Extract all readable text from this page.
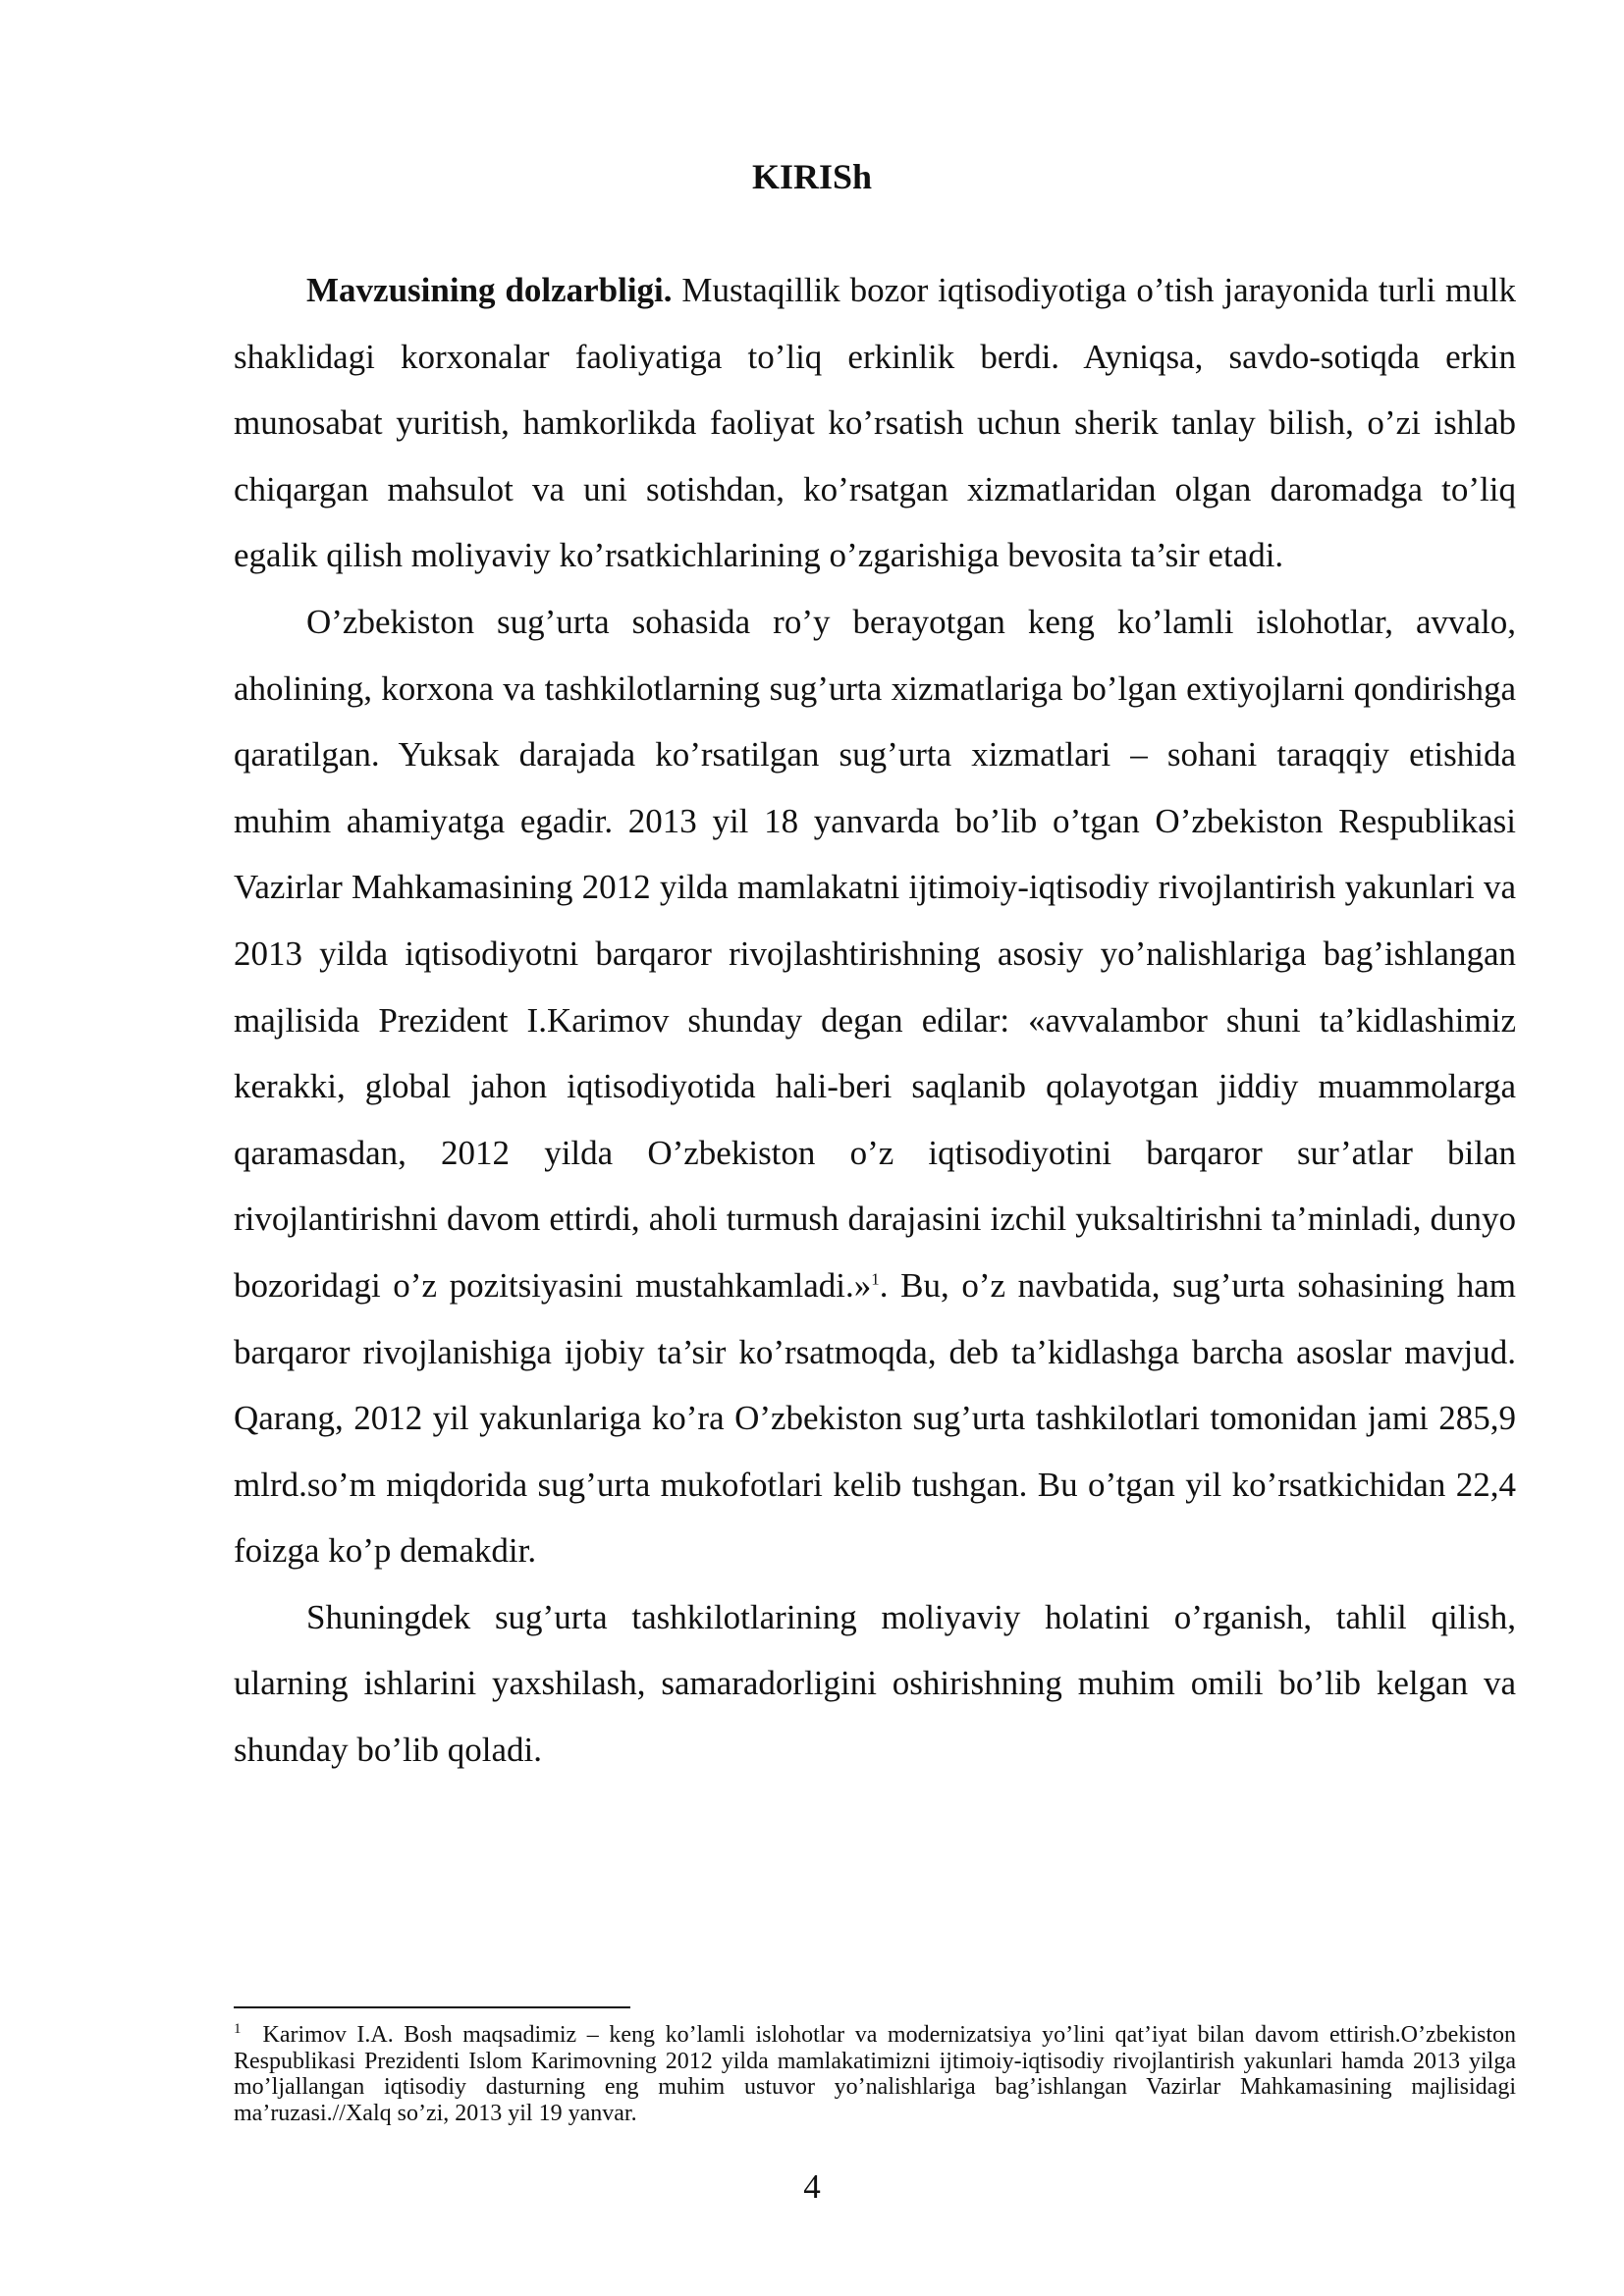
KIRISh

Mavzusining dolzarbligi. Mustaqillik bozor iqtisodiyotiga o’tish jarayonida turli mulk shaklidagi korxonalar faoliyatiga to’liq erkinlik berdi. Ayniqsa, savdo-sotiqda erkin munosabat yuritish, hamkorlikda faoliyat ko’rsatish uchun sherik tanlay bilish, o’zi ishlab chiqargan mahsulot va uni sotishdan, ko’rsatgan xizmatlaridan olgan daromadga to’liq egalik qilish moliyaviy ko’rsatkichlarining o’zgarishiga bevosita ta’sir etadi.

O’zbekiston sug’urta sohasida ro’y berayotgan keng ko’lamli islohotlar, avvalo, aholining, korxona va tashkilotlarning sug’urta xizmatlariga bo’lgan extiyojlarni qondirishga qaratilgan. Yuksak darajada ko’rsatilgan sug’urta xizmatlari – sohani taraqqiy etishida muhim ahamiyatga egadir. 2013 yil 18 yanvarda bo’lib o’tgan O’zbekiston Respublikasi Vazirlar Mahkamasining 2012 yilda mamlakatni ijtimoiy-iqtisodiy rivojlantirish yakunlari va 2013 yilda iqtisodiyotni barqaror rivojlashtirishning asosiy yo’nalishlariga bag’ishlangan majlisida Prezident I.Karimov shunday degan edilar: «avvalambor shuni ta’kidlashimiz kerakki, global jahon iqtisodiyotida hali-beri saqlanib qolayotgan jiddiy muammolarga qaramasdan, 2012 yilda O’zbekiston o’z iqtisodiyotini barqaror sur’atlar bilan rivojlantirishni davom ettirdi, aholi turmush darajasini izchil yuksaltirishni ta’minladi, dunyo bozoridagi o’z pozitsiyasini mustahkamladi.»$^1$. Bu, o’z navbatida, sug’urta sohasining ham barqaror rivojlanishiga ijobiy ta’sir ko’rsatmoqda, deb ta’kidlashga barcha asoslar mavjud. Qarang, 2012 yil yakunlariga ko’ra O’zbekiston sug’urta tashkilotlari tomonidan jami 285,9 mlrd.so’m miqdorida sug’urta mukofotlari kelib tushgan. Bu o’tgan yil ko’rsatkichidan 22,4 foizga ko’p demakdir.

Shuningdek sug’urta tashkilotlarining moliyaviy holatini o’rganish, tahlil qilish, ularning ishlarini yaxshilash, samaradorligini oshirishning muhim omili bo’lib kelgan va shunday bo’lib qoladi.

$^1$ Karimov I.A. Bosh maqsadimiz – keng ko’lamli islohotlar va modernizatsiya yo’lini qat’iyat bilan davom ettirish.O’zbekiston Respublikasi Prezidenti Islom Karimovning 2012 yilda mamlakatimizni ijtimoiy-iqtisodiy rivojlantirish yakunlari hamda 2013 yilga mo’ljallangan iqtisodiy dasturning eng muhim ustuvor yo’nalishlariga bag’ishlangan Vazirlar Mahkamasining majlisidagi ma’ruzasi.//Xalq so’zi, 2013 yil 19 yanvar.
4
